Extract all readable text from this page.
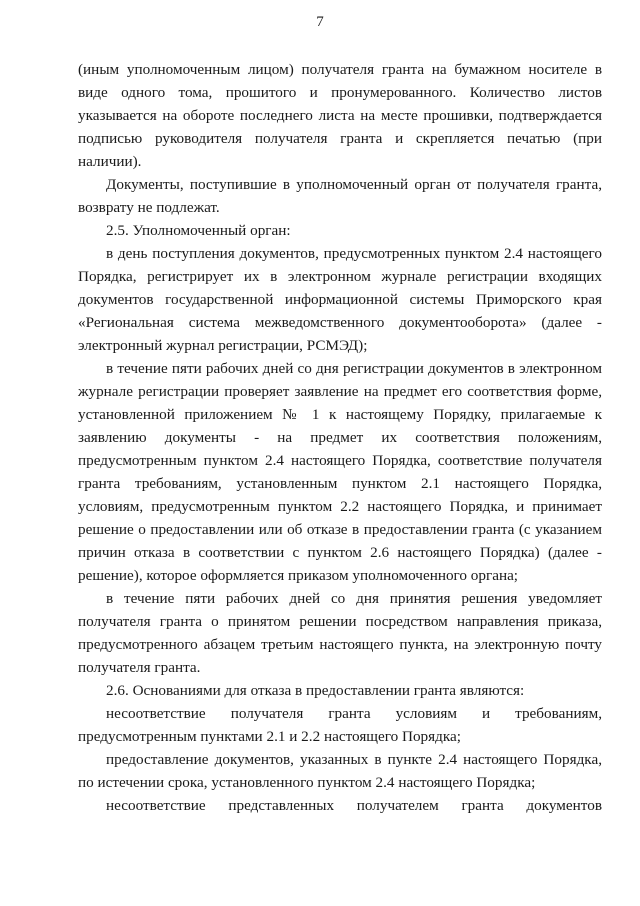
7

(иным уполномоченным лицом) получателя гранта на бумажном носителе в виде одного тома, прошитого и пронумерованного. Количество листов указывается на обороте последнего листа на месте прошивки, подтверждается подписью руководителя получателя гранта и скрепляется печатью (при наличии).

Документы, поступившие в уполномоченный орган от получателя гранта, возврату не подлежат.

2.5. Уполномоченный орган:

в день поступления документов, предусмотренных пунктом 2.4 настоящего Порядка, регистрирует их в электронном журнале регистрации входящих документов государственной информационной системы Приморского края «Региональная система межведомственного документооборота» (далее - электронный журнал регистрации, РСМЭД);

в течение пяти рабочих дней со дня регистрации документов в электронном журнале регистрации проверяет заявление на предмет его соответствия форме, установленной приложением № 1 к настоящему Порядку, прилагаемые к заявлению документы - на предмет их соответствия положениям, предусмотренным пунктом 2.4 настоящего Порядка, соответствие получателя гранта требованиям, установленным пунктом 2.1 настоящего Порядка, условиям, предусмотренным пунктом 2.2 настоящего Порядка, и принимает решение о предоставлении или об отказе в предоставлении гранта (с указанием причин отказа в соответствии с пунктом 2.6 настоящего Порядка) (далее - решение), которое оформляется приказом уполномоченного органа;

в течение пяти рабочих дней со дня принятия решения уведомляет получателя гранта о принятом решении посредством направления приказа, предусмотренного абзацем третьим настоящего пункта, на электронную почту получателя гранта.

2.6. Основаниями для отказа в предоставлении гранта являются:

несоответствие получателя гранта условиям и требованиям, предусмотренным пунктами 2.1 и 2.2 настоящего Порядка;

предоставление документов, указанных в пункте 2.4 настоящего Порядка, по истечении срока, установленного пунктом 2.4 настоящего Порядка;

несоответствие представленных получателем гранта документов
